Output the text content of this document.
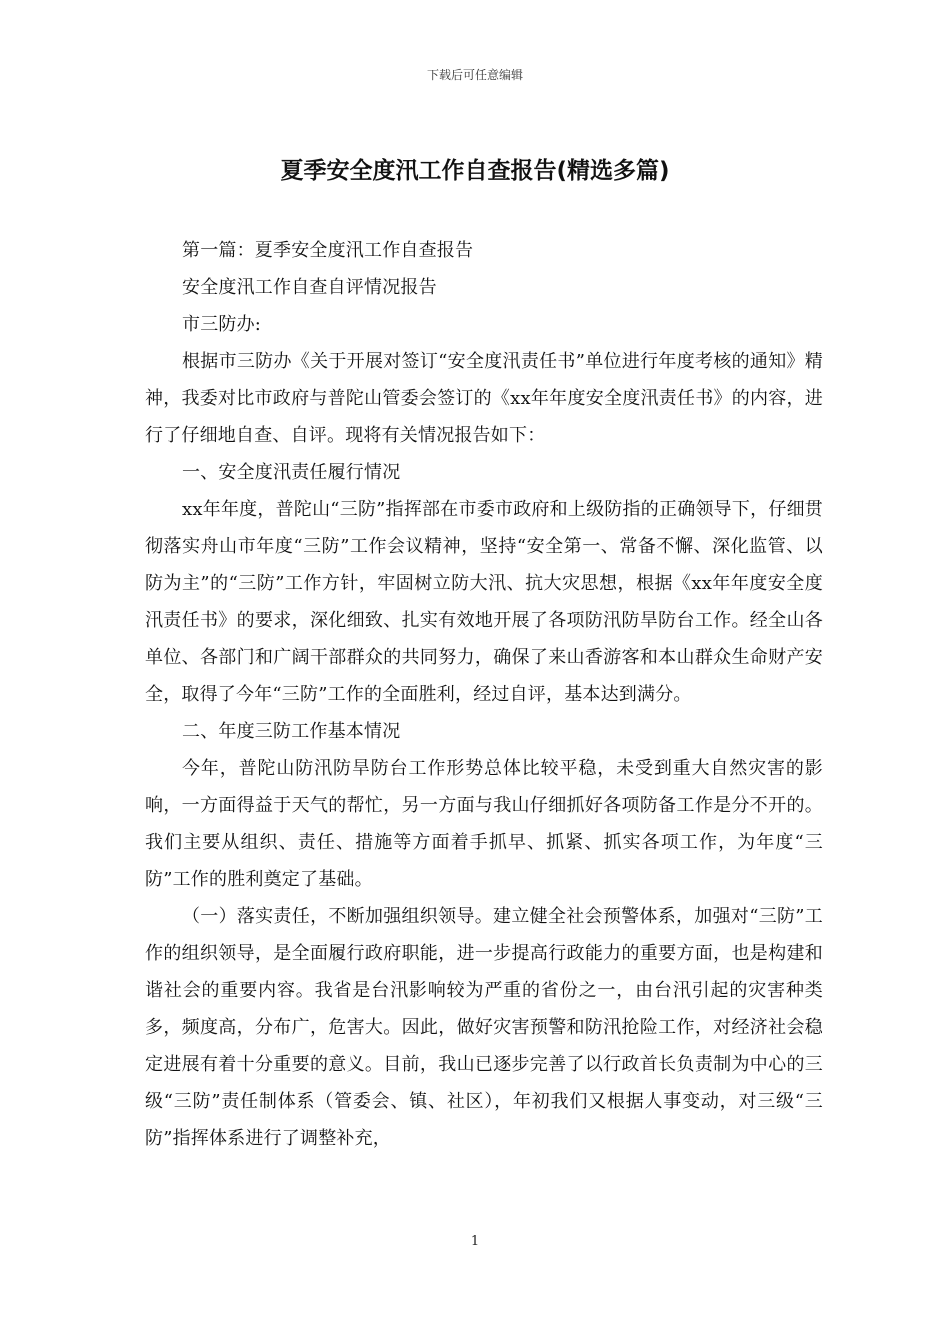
下载后可任意编辑
夏季安全度汛工作自查报告(精选多篇)

第一篇：夏季安全度汛工作自查报告

安全度汛工作自查自评情况报告

市三防办:

根据市三防办《关于开展对签订“安全度汛责任书”单位进行年度考核的通知》精神，我委对比市政府与普陀山管委会签订的《xx年年度安全度汛责任书》的内容，进行了仔细地自查、自评。现将有关情况报告如下：

一、安全度汛责任履行情况

xx年年度，普陀山“三防”指挥部在市委市政府和上级防指的正确领导下，仔细贯彻落实舟山市年度“三防”工作会议精神，坚持“安全第一、常备不懈、深化监管、以防为主”的“三防”工作方针，牢固树立防大汛、抗大灾思想，根据《xx年年度安全度汛责任书》的要求，深化细致、扎实有效地开展了各项防汛防旱防台工作。经全山各单位、各部门和广阔干部群众的共同努力，确保了来山香游客和本山群众生命财产安全，取得了今年“三防”工作的全面胜利，经过自评，基本达到满分。

二、年度三防工作基本情况

今年，普陀山防汛防旱防台工作形势总体比较平稳，未受到重大自然灾害的影响，一方面得益于天气的帮忙，另一方面与我山仔细抓好各项防备工作是分不开的。我们主要从组织、责任、措施等方面着手抓早、抓紧、抓实各项工作，为年度“三防”工作的胜利奠定了基础。

（一）落实责任，不断加强组织领导。建立健全社会预警体系，加强对“三防”工作的组织领导，是全面履行政府职能，进一步提高行政能力的重要方面，也是构建和谐社会的重要内容。我省是台汛影响较为严重的省份之一，由台汛引起的灾害种类多，频度高，分布广，危害大。因此，做好灾害预警和防汛抢险工作，对经济社会稳定进展有着十分重要的意义。目前，我山已逐步完善了以行政首长负责制为中心的三级“三防”责任制体系（管委会、镇、社区），年初我们又根据人事变动，对三级“三防”指挥体系进行了调整补充，

1
